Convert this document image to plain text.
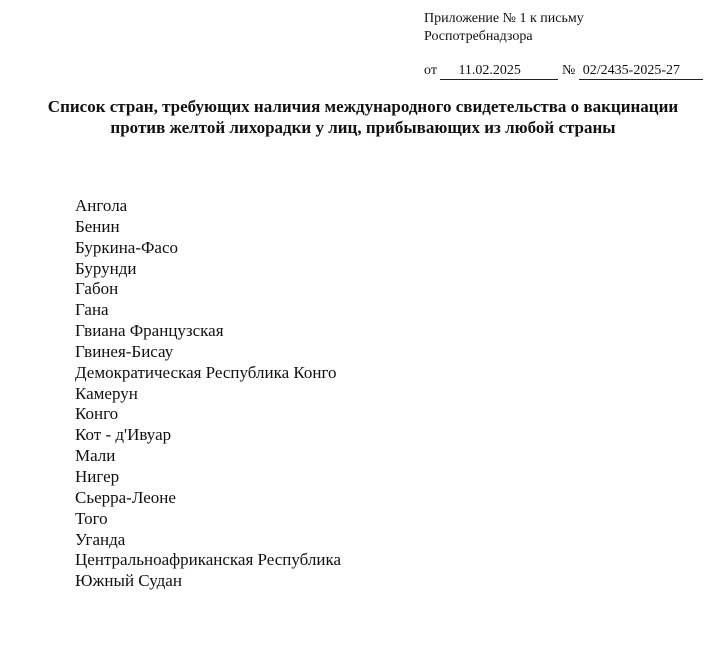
Приложение № 1 к письму
Роспотребнадзора
от 11.02.2025	№ 02/2435-2025-27
Список стран, требующих наличия международного свидетельства о вакцинации против желтой лихорадки у лиц, прибывающих из любой страны
Ангола
Бенин
Буркина-Фасо
Бурунди
Габон
Гана
Гвиана Французская
Гвинея-Бисау
Демократическая Республика Конго
Камерун
Конго
Кот - д'Ивуар
Мали
Нигер
Сьерра-Леоне
Того
Уганда
Центральноафриканская Республика
Южный Судан
